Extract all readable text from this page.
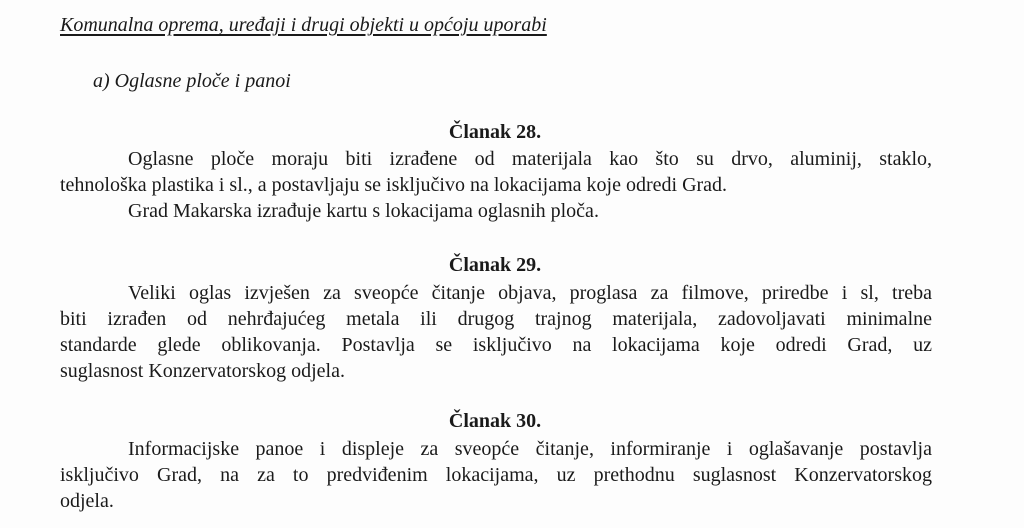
Komunalna oprema, uređaji i drugi objekti u općoju uporabi
a) Oglasne ploče i panoi
Članak 28.
Oglasne ploče moraju biti izrađene od materijala kao što su drvo, aluminij, staklo,
tehnološka plastika i sl., a postavljaju se isključivo na lokacijama koje odredi Grad.
Grad Makarska izrađuje kartu s lokacijama oglasnih ploča.
Članak 29.
Veliki oglas izvješen za sveopće čitanje objava, proglasa za filmove, priredbe i sl, treba
biti izrađen od nehrđajućeg metala ili drugog trajnog materijala, zadovoljavati minimalne
standarde glede oblikovanja. Postavlja se isključivo na lokacijama koje odredi Grad, uz
suglasnost Konzervatorskog odjela.
Članak 30.
Informacijske panoe i displeje za sveopće čitanje, informiranje i oglašavanje postavlja
isključivo Grad, na za to predviđenim lokacijama, uz prethodnu suglasnost Konzervatorskog
odjela.
